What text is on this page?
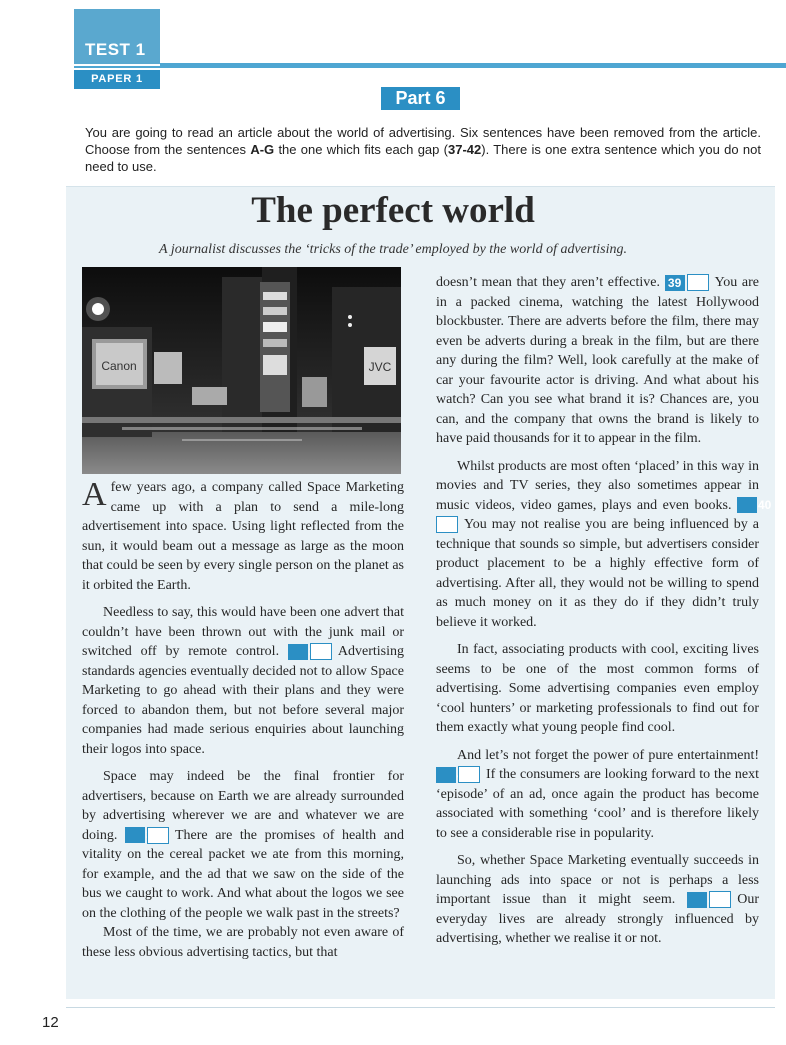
TEST 1
PAPER 1
Part 6
You are going to read an article about the world of advertising. Six sentences have been removed from the article. Choose from the sentences A-G the one which fits each gap (37-42). There is one extra sentence which you do not need to use.
The perfect world
A journalist discusses the ‘tricks of the trade’ employed by the world of advertising.
Canon	JVC

Afew years ago, a company called Space Marketing came up with a plan to send a mile-long advertisement into space. Using light reflected from the sun, it would beam out a message as large as the moon that could be seen by every single person on the planet as it orbited the Earth.

Needless to say, this would have been one advert that couldn’t have been thrown out with the junk mail or switched off by remote control.	Advertising standards agencies eventually decided not to allow Space Marketing to go ahead with their plans and they were forced to abandon them, but not before several major companies had made serious enquiries about launching their logos into space.

Space may indeed be the final frontier for advertisers, because on Earth we are already surrounded by advertising wherever we are and whatever we are doing.	There are the promises of health and vitality on the cereal packet we ate from this morning, for example, and the ad that we saw on the side of the bus we caught to work. And what about the logos we see on the clothing of the people we walk past in the streets?

Most of the time, we are probably not even aware of these less obvious advertising tactics, but that

doesn’t mean that they aren’t effective. 39 You are in a packed cinema, watching the latest Hollywood blockbuster. There are adverts before the film, there may even be adverts during a break in the film, but are there any during the film? Well, look carefully at the make of car your favourite actor is driving. And what about his watch? Can you see what brand it is? Chances are, you can, and the company that owns the brand is likely to have paid thousands for it to appear in the film.

Whilst products are most often ‘placed’ in this way in movies and TV series, they also sometimes appear in music videos, video games, plays and even books. 40You may not realise you are being influenced by a technique that sounds so simple, but advertisers consider product placement to be a highly effective form of advertising. After all, they would not be willing to spend as much money on it as they do if they didn’t truly believe it worked.

In fact, associating products with cool, exciting lives seems to be one of the most common forms of advertising. Some advertising companies even employ ‘cool hunters’ or marketing professionals to find out for them exactly what young people find cool.

And let’s not forget the power of pure entertainment! If the consumers are looking forward to the next ‘episode’ of an ad, once again the product has become associated with something ‘cool’ and is therefore likely to see a considerable rise in popularity.

So, whether Space Marketing eventually succeeds in launching ads into space or not is perhaps a less important issue than it might seem.	Our everyday lives are already strongly influenced by advertising, whether we realise it or not.

12
